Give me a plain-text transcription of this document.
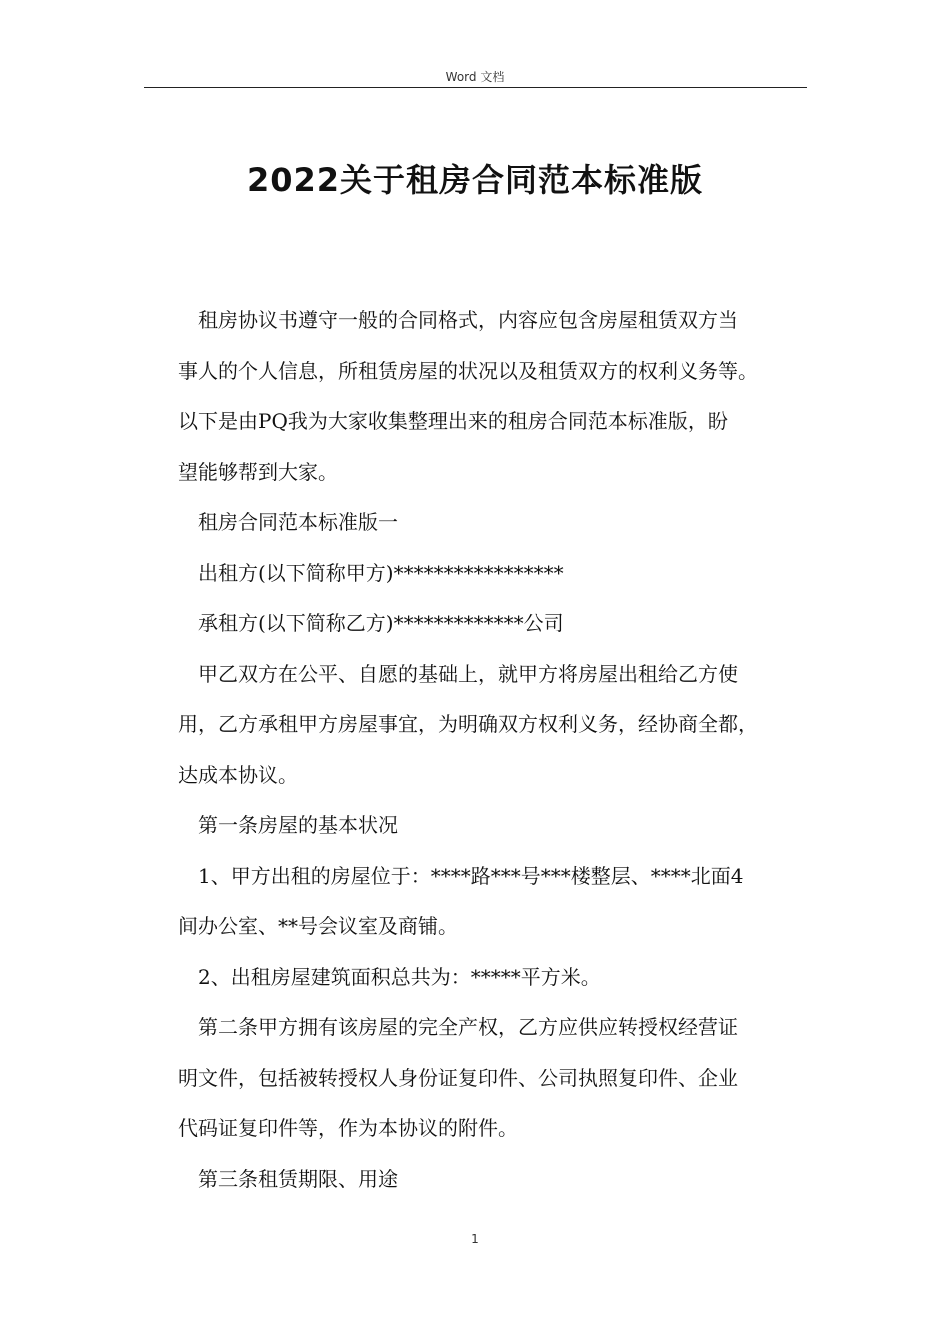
Word 文档
2022关于租房合同范本标准版
租房协议书遵守一般的合同格式，内容应包含房屋租赁双方当
事人的个人信息，所租赁房屋的状况以及租赁双方的权利义务等。
以下是由PQ我为大家收集整理出来的租房合同范本标准版，盼
望能够帮到大家。
租房合同范本标准版一
出租方(以下简称甲方)*****************
承租方(以下简称乙方)*************公司
甲乙双方在公平、自愿的基础上，就甲方将房屋出租给乙方使
用，乙方承租甲方房屋事宜，为明确双方权利义务，经协商全都，
达成本协议。
第一条房屋的基本状况
1、甲方出租的房屋位于：****路***号***楼整层、****北面4
间办公室、**号会议室及商铺。
2、出租房屋建筑面积总共为：*****平方米。
第二条甲方拥有该房屋的完全产权，乙方应供应转授权经营证
明文件，包括被转授权人身份证复印件、公司执照复印件、企业
代码证复印件等，作为本协议的附件。
第三条租赁期限、用途
1
